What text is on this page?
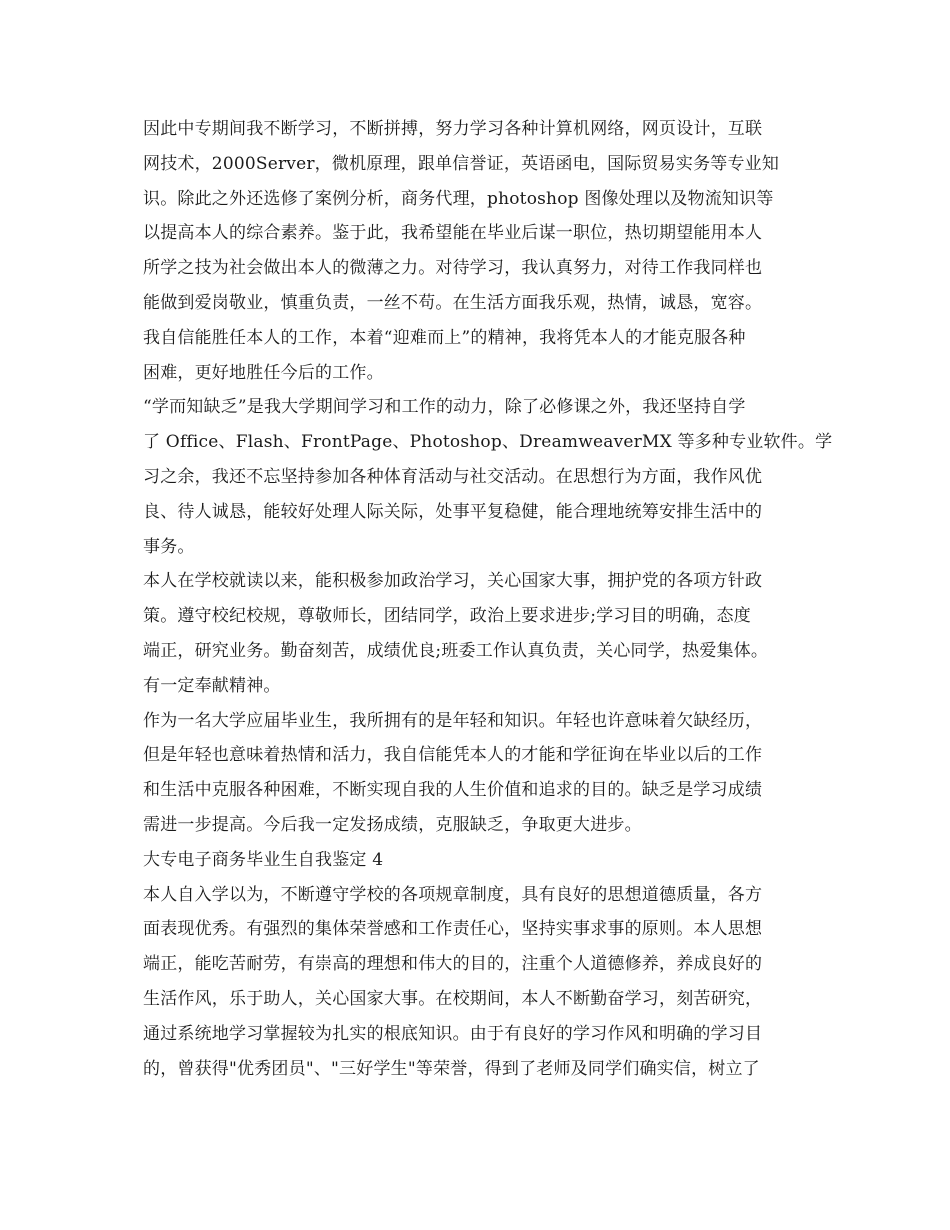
因此中专期间我不断学习，不断拼搏，努力学习各种计算机网络，网页设计，互联
网技术，2000Server，微机原理，跟单信誉证，英语函电，国际贸易实务等专业知
识。除此之外还选修了案例分析，商务代理，photoshop 图像处理以及物流知识等
以提高本人的综合素养。鉴于此，我希望能在毕业后谋一职位，热切期望能用本人
所学之技为社会做出本人的微薄之力。对待学习，我认真努力，对待工作我同样也
能做到爱岗敬业，慎重负责，一丝不苟。在生活方面我乐观，热情，诚恳，宽容。
我自信能胜任本人的工作，本着“迎难而上”的精神，我将凭本人的才能克服各种
困难，更好地胜任今后的工作。
“学而知缺乏”是我大学期间学习和工作的动力，除了必修课之外，我还坚持自学
了 Office、Flash、FrontPage、Photoshop、DreamweaverMX 等多种专业软件。学
习之余，我还不忘坚持参加各种体育活动与社交活动。在思想行为方面，我作风优
良、待人诚恳，能较好处理人际关际，处事平复稳健，能合理地统筹安排生活中的
事务。
本人在学校就读以来，能积极参加政治学习，关心国家大事，拥护党的各项方针政
策。遵守校纪校规，尊敬师长，团结同学，政治上要求进步;学习目的明确，态度
端正，研究业务。勤奋刻苦，成绩优良;班委工作认真负责，关心同学，热爱集体。
有一定奉献精神。
作为一名大学应届毕业生，我所拥有的是年轻和知识。年轻也许意味着欠缺经历，
但是年轻也意味着热情和活力，我自信能凭本人的才能和学征询在毕业以后的工作
和生活中克服各种困难，不断实现自我的人生价值和追求的目的。缺乏是学习成绩
需进一步提高。今后我一定发扬成绩，克服缺乏，争取更大进步。
大专电子商务毕业生自我鉴定 4
本人自入学以为，不断遵守学校的各项规章制度，具有良好的思想道德质量，各方
面表现优秀。有强烈的集体荣誉感和工作责任心，坚持实事求事的原则。本人思想
端正，能吃苦耐劳，有崇高的理想和伟大的目的，注重个人道德修养，养成良好的
生活作风，乐于助人，关心国家大事。在校期间，本人不断勤奋学习，刻苦研究，
通过系统地学习掌握较为扎实的根底知识。由于有良好的学习作风和明确的学习目
的，曾获得"优秀团员"、"三好学生"等荣誉，得到了老师及同学们确实信，树立了
